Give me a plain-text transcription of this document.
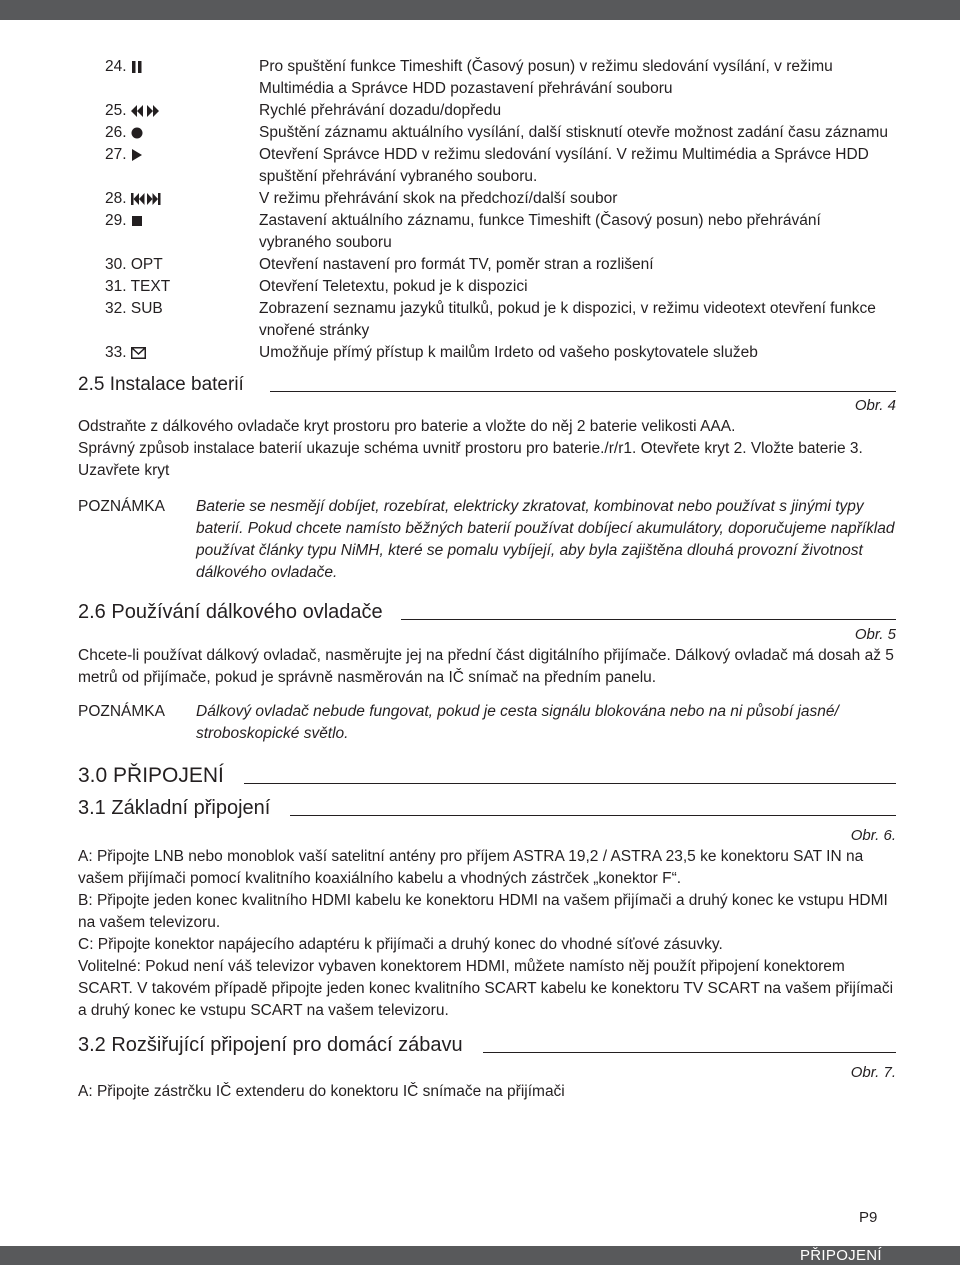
24.	Pro spuštění funkce Timeshift (Časový posun) v režimu sledování vysílání, v režimu Multimédia a Správce HDD pozastavení přehrávání souboru
25.	Rychlé přehrávání dozadu/dopředu
26.	Spuštění záznamu aktuálního vysílání, další stisknutí otevře možnost zadání času záznamu
27.	Otevření Správce HDD v režimu sledování vysílání. V režimu Multimédia a Správce HDD spuštění přehrávání vybraného souboru.
28.	V režimu přehrávání skok na předchozí/další soubor
29.	Zastavení aktuálního záznamu, funkce Timeshift (Časový posun) nebo přehrávání vybraného souboru
30. OPT	Otevření nastavení pro formát TV, poměr stran a rozlišení
31. TEXT	Otevření Teletextu, pokud je k dispozici
32. SUB	Zobrazení seznamu jazyků titulků, pokud je k dispozici, v režimu videotext otevření funkce vnořené stránky
33.	Umožňuje přímý přístup k mailům Irdeto od vašeho poskytovatele služeb
2.5 Instalace baterií
Obr. 4
Odstraňte z dálkového ovladače kryt prostoru pro baterie a vložte do něj 2 baterie velikosti AAA.
Správný způsob instalace baterií ukazuje schéma uvnitř prostoru pro baterie./r/r1. Otevřete kryt 2. Vložte baterie 3. Uzavřete kryt
POZNÁMKA	Baterie se nesmějí dobíjet, rozebírat, elektricky zkratovat, kombinovat nebo používat s jinými typy baterií. Pokud chcete namísto běžných baterií používat dobíjecí akumulátory, doporučujeme například používat články typu NiMH, které se pomalu vybíjejí, aby byla zajištěna dlouhá provozní životnost dálkového ovladače.
2.6 Používání dálkového ovladače
Obr. 5
Chcete-li používat dálkový ovladač, nasměrujte jej na přední část digitálního přijímače. Dálkový ovladač má dosah až 5 metrů od přijímače, pokud je správně nasměrován na IČ snímač na předním panelu.
POZNÁMKA	Dálkový ovladač nebude fungovat, pokud je cesta signálu blokována nebo na ni působí jasné/ stroboskopické světlo.
3.0 PŘIPOJENÍ
3.1 Základní připojení
Obr. 6.
A: Připojte LNB nebo monoblok vaší satelitní antény pro příjem ASTRA 19,2 / ASTRA 23,5 ke konektoru SAT IN na vašem přijímači pomocí kvalitního koaxiálního kabelu a vhodných zástrček „konektor F“.
B: Připojte jeden konec kvalitního HDMI kabelu ke konektoru HDMI na vašem přijímači a druhý konec ke vstupu HDMI na vašem televizoru.
C: Připojte konektor napájecího adaptéru k přijímači a druhý konec do vhodné síťové zásuvky.
Volitelné: Pokud není váš televizor vybaven konektorem HDMI, můžete namísto něj použít připojení konektorem SCART. V takovém případě připojte jeden konec kvalitního SCART kabelu ke konektoru TV SCART na vašem přijímači a druhý konec ke vstupu SCART na vašem televizoru.
3.2 Rozšiřující připojení pro domácí zábavu
Obr. 7.
A: Připojte zástrčku IČ extenderu do konektoru IČ snímače na přijímači
P9
PŘIPOJENÍ
